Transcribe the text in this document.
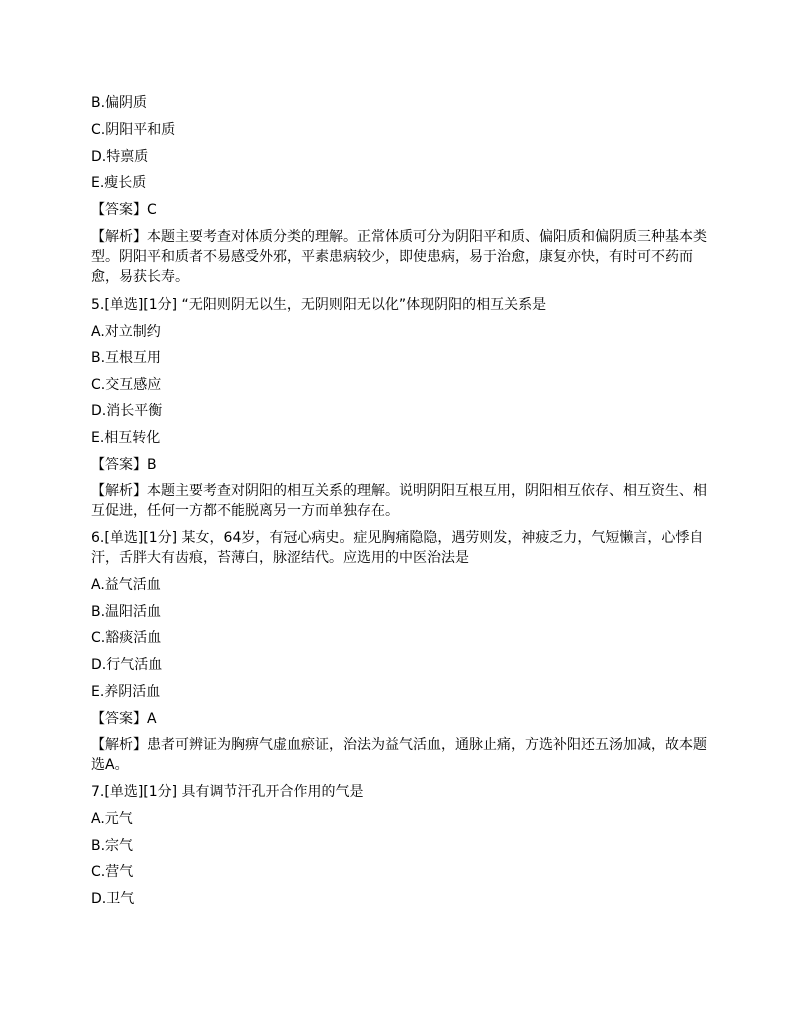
B.偏阴质
C.阴阳平和质
D.特禀质
E.瘦长质
【答案】C
【解析】本题主要考查对体质分类的理解。正常体质可分为阴阳平和质、偏阳质和偏阴质三种基本类型。阴阳平和质者不易感受外邪，平素患病较少，即使患病，易于治愈，康复亦快，有时可不药而愈，易获长寿。
5.[单选][1分] “无阳则阴无以生，无阴则阳无以化”体现阴阳的相互关系是
A.对立制约
B.互根互用
C.交互感应
D.消长平衡
E.相互转化
【答案】B
【解析】本题主要考查对阴阳的相互关系的理解。说明阴阳互根互用，阴阳相互依存、相互资生、相互促进，任何一方都不能脱离另一方而单独存在。
6.[单选][1分] 某女，64岁，有冠心病史。症见胸痛隐隐，遇劳则发，神疲乏力，气短懒言，心悸自汗，舌胖大有齿痕，苔薄白，脉涩结代。应选用的中医治法是
A.益气活血
B.温阳活血
C.豁痰活血
D.行气活血
E.养阴活血
【答案】A
【解析】患者可辨证为胸痹气虚血瘀证，治法为益气活血，通脉止痛，方选补阳还五汤加减，故本题选A。
7.[单选][1分] 具有调节汗孔开合作用的气是
A.元气
B.宗气
C.营气
D.卫气
